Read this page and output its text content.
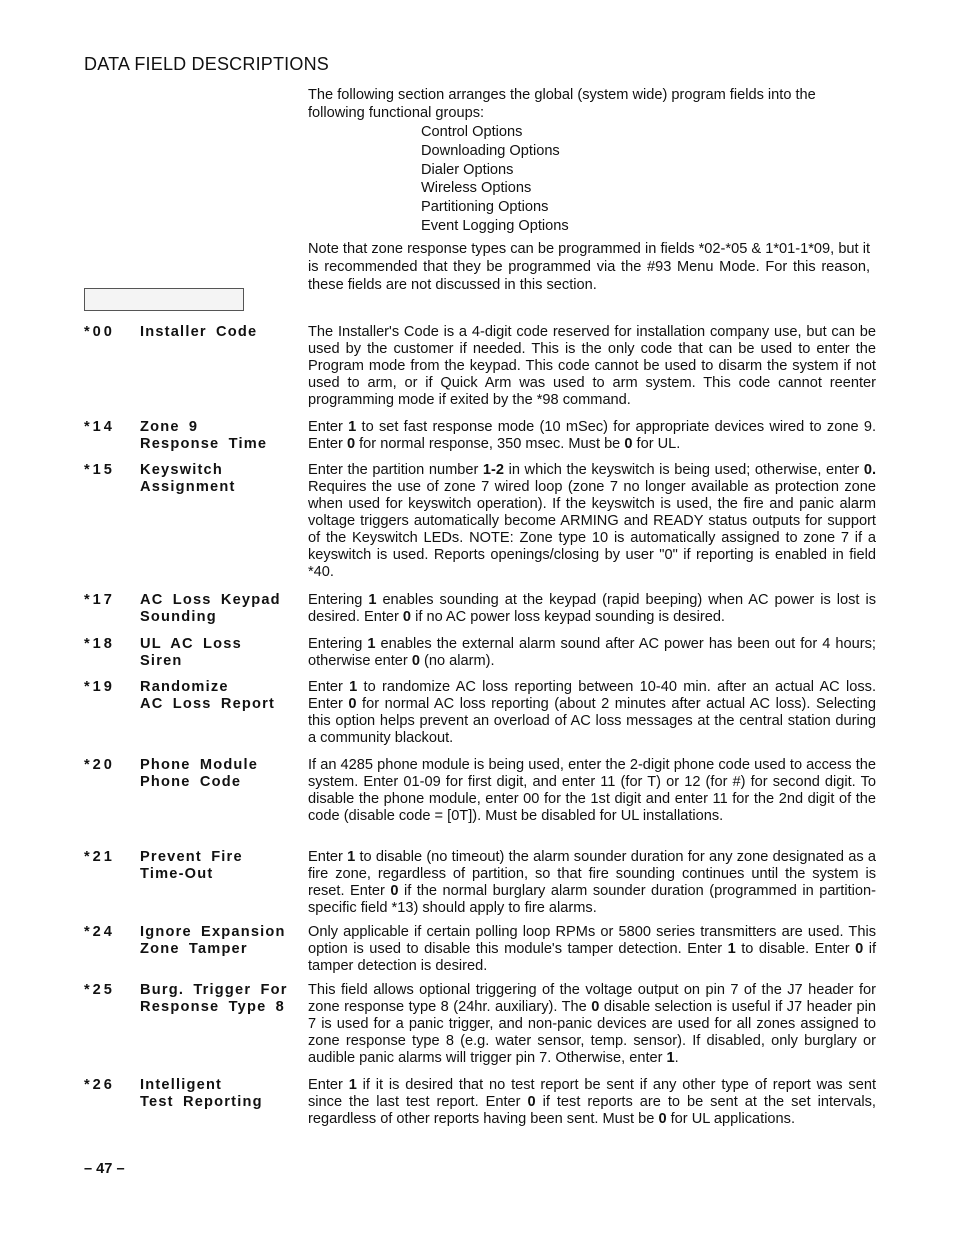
DATA FIELD DESCRIPTIONS

The following section arranges the global (system wide) program fields into the following functional groups:

Control Options
Downloading Options
Dialer Options
Wireless Options
Partitioning Options
Event Logging Options

Note that zone response types can be programmed in fields *02-*05 & 1*01-1*09, but it is recommended that they be programmed via the #93 Menu Mode. For this reason, these fields are not discussed in this section.

*00 Installer Code	The Installer's Code is a 4-digit code reserved for installation company use, but can be used by the customer if needed. This is the only code that can be used to enter the Program mode from the keypad. This code cannot be used to disarm the system if not used to arm, or if Quick Arm was used to arm system. This code cannot reenter programming mode if exited by the *98 command.
*14 Zone 9
Response Time
Enter 1 to set fast response mode (10 mSec) for appropriate devices wired to zone 9. Enter 0 for normal response, 350 msec. Must be 0 for UL.
*15 Keyswitch
Assignment
Enter the partition number 1-2 in which the keyswitch is being used; otherwise, enter 0. Requires the use of zone 7 wired loop (zone 7 no longer available as protection zone when used for keyswitch operation). If the keyswitch is used, the fire and panic alarm voltage triggers automatically become ARMING and READY status outputs for support of the Keyswitch LEDs. NOTE: Zone type 10 is automatically assigned to zone 7 if a keyswitch is used. Reports openings/closing by user "0" if reporting is enabled in field *40.
*17 AC Loss Keypad
Sounding
Entering 1 enables sounding at the keypad (rapid beeping) when AC power is lost is desired. Enter 0 if no AC power loss keypad sounding is desired.
*18 UL AC Loss
Siren
Entering 1 enables the external alarm sound after AC power has been out for 4 hours; otherwise enter 0 (no alarm).
*19 Randomize
AC Loss Report
Enter 1 to randomize AC loss reporting between 10-40 min. after an actual AC loss. Enter 0 for normal AC loss reporting (about 2 minutes after actual AC loss). Selecting this option helps prevent an overload of AC loss messages at the central station during a community blackout.
*20 Phone Module
Phone Code
If an 4285 phone module is being used, enter the 2-digit phone code used to access the system. Enter 01-09 for first digit, and enter 11 (for T) or 12 (for #) for second digit. To disable the phone module, enter 00 for the 1st digit and enter 11 for the 2nd digit of the code (disable code = [0T]). Must be disabled for UL installations.
*21 Prevent Fire
Time-Out
Enter 1 to disable (no timeout) the alarm sounder duration for any zone designated as a fire zone, regardless of partition, so that fire sounding continues until the system is reset. Enter 0 if the normal burglary alarm sounder duration (programmed in partition-specific field *13) should apply to fire alarms.
*24 Ignore Expansion
Zone Tamper
Only applicable if certain polling loop RPMs or 5800 series transmitters are used. This option is used to disable this module's tamper detection. Enter 1 to disable. Enter 0 if tamper detection is desired.
*25 Burg. Trigger For
Response Type 8
This field allows optional triggering of the voltage output on pin 7 of the J7 header for zone response type 8 (24hr. auxiliary). The 0 disable selection is useful if J7 header pin 7 is used for a panic trigger, and non-panic devices are used for all zones assigned to zone response type 8 (e.g. water sensor, temp. sensor). If disabled, only burglary or audible panic alarms will trigger pin 7. Otherwise, enter 1.
*26 Intelligent
Test Reporting
Enter 1 if it is desired that no test report be sent if any other type of report was sent since the last test report. Enter 0 if test reports are to be sent at the set intervals, regardless of other reports having been sent. Must be 0 for UL applications.
– 47 –
